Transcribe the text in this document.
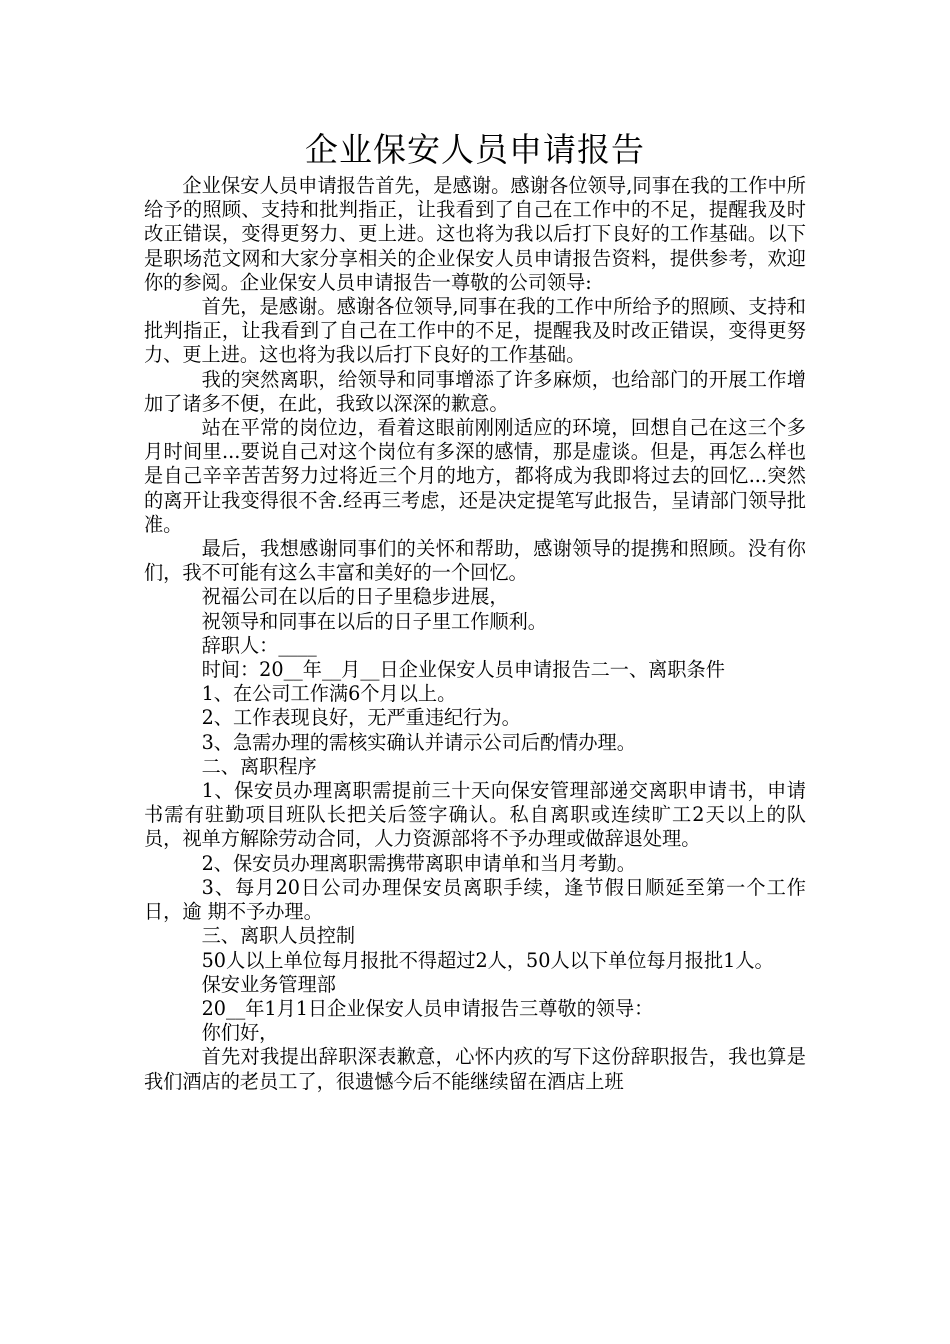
企业保安人员申请报告

企业保安人员申请报告首先，是感谢。感谢各位领导,同事在我的工作中所给予的照顾、支持和批判指正，让我看到了自己在工作中的不足，提醒我及时改正错误，变得更努力、更上进。这也将为我以后打下良好的工作基础。以下是职场范文网和大家分享相关的企业保安人员申请报告资料，提供参考，欢迎你的参阅。企业保安人员申请报告一尊敬的公司领导:

首先，是感谢。感谢各位领导,同事在我的工作中所给予的照顾、支持和批判指正，让我看到了自己在工作中的不足，提醒我及时改正错误，变得更努力、更上进。这也将为我以后打下良好的工作基础。

我的突然离职，给领导和同事增添了许多麻烦，也给部门的开展工作增加了诸多不便，在此，我致以深深的歉意。

站在平常的岗位边，看着这眼前刚刚适应的环境，回想自己在这三个多月时间里...要说自己对这个岗位有多深的感情，那是虚谈。但是，再怎么样也是自己辛辛苦苦努力过将近三个月的地方，都将成为我即将过去的回忆...突然的离开让我变得很不舍.经再三考虑，还是决定提笔写此报告，呈请部门领导批准。

最后，我想感谢同事们的关怀和帮助，感谢领导的提携和照顾。没有你们，我不可能有这么丰富和美好的一个回忆。

祝福公司在以后的日子里稳步进展，

祝领导和同事在以后的日子里工作顺利。

辞职人：____

时间：20__年__月__日企业保安人员申请报告二一、离职条件

1、在公司工作满6个月以上。

2、工作表现良好，无严重违纪行为。

3、急需办理的需核实确认并请示公司后酌情办理。

二、离职程序

1、保安员办理离职需提前三十天向保安管理部递交离职申请书，申请书需有驻勤项目班队长把关后签字确认。私自离职或连续旷工2天以上的队员，视单方解除劳动合同，人力资源部将不予办理或做辞退处理。

2、保安员办理离职需携带离职申请单和当月考勤。

3、每月20日公司办理保安员离职手续，逢节假日顺延至第一个工作日，逾 期不予办理。

三、离职人员控制

50人以上单位每月报批不得超过2人，50人以下单位每月报批1人。

保安业务管理部

20__年1月1日企业保安人员申请报告三尊敬的领导：

你们好，

首先对我提出辞职深表歉意，心怀内疚的写下这份辞职报告，我也算是我们酒店的老员工了，很遗憾今后不能继续留在酒店上班
